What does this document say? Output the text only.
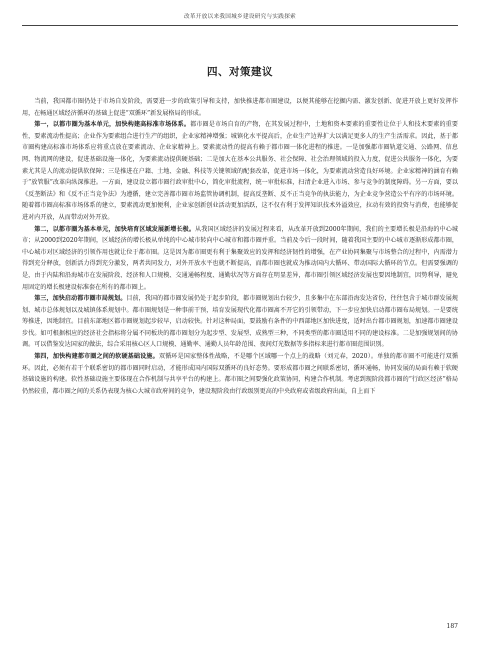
改革开放以来我国城乡建设研究与实践探索
四、对策建议

当前，我国都市圈仍处于市场自发阶段，需要进一步的政策引导和支持，加快推进都市圈建设，以便其能够在挖掘内需、激发创新、促进开放上更好发挥作用，在畅通区域经济循环的基础上促进“双循环”新发展格局的形成。

第一，以都市圈为基本单元，加快构建高标准市场体系。都市圈是市场自育的产物，在其发展过程中，土地和资本要素的重要性让位于人和技术要素的重要性，要素流动性提高；企业作为要素组合进行生产的组织，企业家精神增强；城镇化水平提高后，企业生产边界扩大以满足更多人的生产生活需求。因此，基于都市圈构建高标准市场体系应将重点放在要素流动、企业家精神上。要素流动性的提高有赖于都市圈一体化进程的推进。一是加强都市圈轨道交通、公路网、信息网、物流网的建设，促进基础设施一体化，为要素流动提供硬基础；二是加大在基本公共服务、社会保障、社会治理领域的投入力度，促进公共服务一体化，为要素尤其是人的流动提供软保障；三是推进在户籍、土地、金融、科技等关键领域的配套改革，促进市场一体化，为要素流动营造良好环境。企业家精神的涵育有赖于“放管服”改革向纵深推进。一方面，建设设立都市圈行政审批中心，简化审批流程，统一审批标准，扫清企业进入市场、参与竞争的制度障碍。另一方面，要以《反垄断法》和《反不正当竞争法》为遵循，建立完善都市圈市场监管协调机制，提高反垄断、反不正当竞争的执法能力，为企业竞争营造公平有序的市场环境。随着都市圈高标准市场体系的建立，要素流动更加便利，企业家创新创业活动更加活跃，这不仅有利于发挥知识技术外溢效应，拉动有效的投资与消费，也能够促进对内开放，从而带动对外开放。

第二，以都市圈为基本单元，加快培育区域发展新增长极。从我国区域经济的发展过程来看，从改革开放到2000年期间，我们的主要增长极是沿海的中心城市；从2000到2020年期间，区域经济的增长极从单纯的中心城市转向中心城市和都市圈并重。当前及今后一段时间，随着我国主要的中心城市逐渐形成都市圈，中心城市对区域经济的引领作用也就让位于都市圈。这是因为都市圈更有利于集聚效应的发挥和经济韧性的增强，在产业协同集聚与市场整合的过程中，内需潜力得到充分释放，创新活力得到充分激发，两者共同发力，对外开放水平也就不断提高，而都市圈也就成为推动国内大循环、带动国际大循环的节点。但需要强调的是，由于内陆和沿海城市在发展阶段、经济和人口规模、交通通畅程度、通勤状况等方面存在明显差异，都市圈引领区域经济发展也要因地制宜，因势利导，避免用固定的增长极建设标准套在所有的都市圈上。

第三，加快启动都市圈市局规划。目前，我国的都市圈发展仍处于起步阶段，都市圈规划出台较少，且多集中在东部沿海发达省份，往往包含于城市群发展规划、城市总体规划以及城镇体系规划中。都市圈规划是一种事前干预，培育发展现代化都市圈离不开它的引领带动，下一步应加快启动都市圈布局规划。一是要统筹推进，因地制宜。目前东部地区都市圈规划起步较早，启动较快。针对这种局面，要鼓励有条件的中西部地区加快进度，适时出台都市圈规划，加速都市圈建设步伐。如可根据相应的经济社会指标将分属不同板块的都市圈划分为起步型、发展型、成熟型三种，不同类型的都市圈适用不同的建设标准。二是加强规划间的协调。可以借鉴发达国家的做法，综合采用核心区人口规模、通勤率、通勤人员年龄范围、夜间灯光数据等多指标来进行都市圈范围识别。

第四，加快构建都市圈之间的软硬基础设施。双循环是国家整体性战略，不是哪个区域哪一个点上的战略（刘元春，2020）。单独的都市圈不可能进行双循环。因此，必须有若干个联系密切的都市圈同时启动，才能形成国内国际双循环的良好态势。要形成都市圈之间联系密切，循环通畅，协同发展的局面有赖于软硬基础设施的构建。软性基础设施主要体现在合作机制与共享平台的构建上。都市圈之间要强化政策协同，构建合作机制。考虑到现阶段都市圈的“行政区经济”格局仍然较重，都市圈之间的关系仍表现为核心大城市政府间的竞争，建设现阶段由行政级别更高的中央政府或省级政府出面，自上而下

187
